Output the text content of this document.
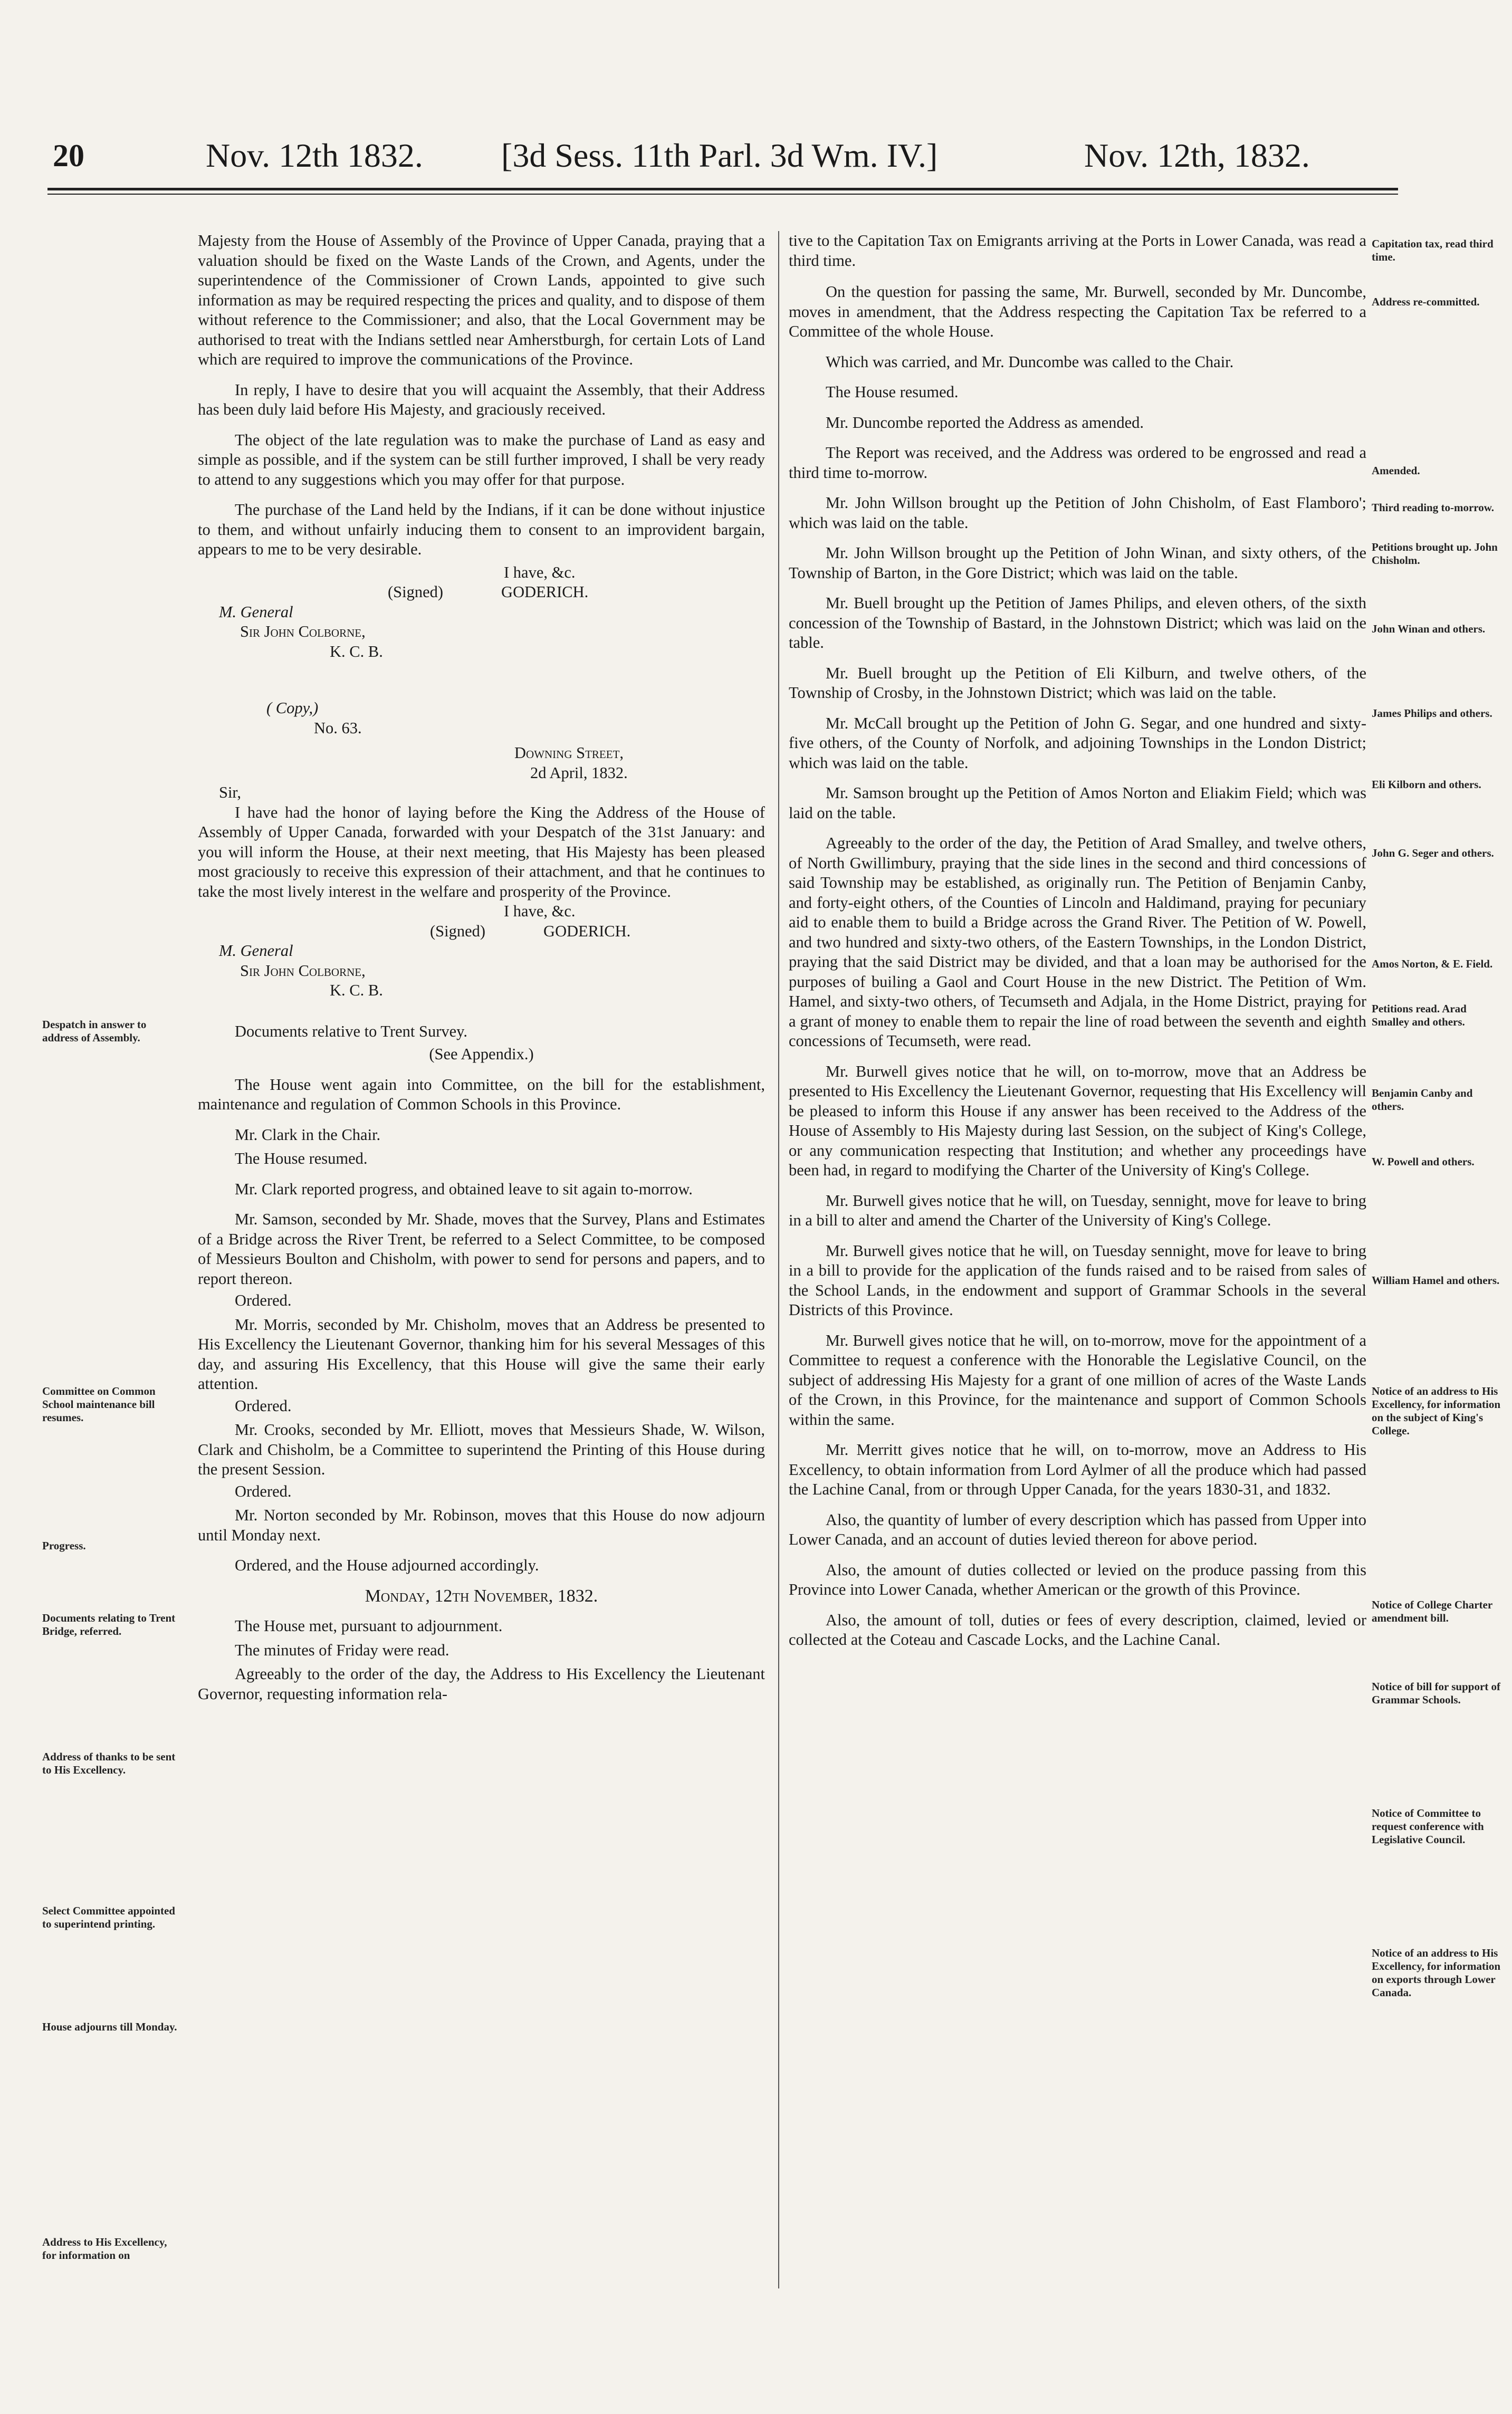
20	Nov. 12th 1832. [3d Sess. 11th Parl. 3d Wm. IV.]	Nov. 12th, 1832.

Majesty from the House of Assembly of the Province of Upper Canada, praying that a valuation should be fixed on the Waste Lands of the Crown, and Agents, under the superintendence of the Commissioner of Crown Lands, appointed to give such information as may be required respecting the prices and quality, and to dispose of them without reference to the Commissioner; and also, that the Local Government may be authorised to treat with the Indians settled near Amherstburgh, for certain Lots of Land which are required to improve the communications of the Province.

In reply, I have to desire that you will acquaint the Assembly, that their Address has been duly laid before His Majesty, and graciously received.

The object of the late regulation was to make the purchase of Land as easy and simple as possible, and if the system can be still further improved, I shall be very ready to attend to any suggestions which you may offer for that purpose.

The purchase of the Land held by the Indians, if it can be done without injustice to them, and without unfairly inducing them to consent to an improvident bargain, appears to me to be very desirable.

I have, &c.

(Signed)	GODERICH.

M. General

Sir John Colborne,

K. C. B.

( Copy,)

No. 63.

Downing Street,

2d April, 1832.

Sir,

I have had the honor of laying before the King the Address of the House of Assembly of Upper Canada, forwarded with your Despatch of the 31st January: and you will inform the House, at their next meeting, that His Majesty has been pleased most graciously to receive this expression of their attachment, and that he continues to take the most lively interest in the welfare and prosperity of the Province.

I have, &c.

(Signed)	GODERICH.

M. General

Sir John Colborne,

K. C. B.

Documents relative to Trent Survey.

(See Appendix.)

The House went again into Committee, on the bill for the establishment, maintenance and regulation of Common Schools in this Province.

Mr. Clark in the Chair.

The House resumed.

Mr. Clark reported progress, and obtained leave to sit again to-morrow.

Mr. Samson, seconded by Mr. Shade, moves that the Survey, Plans and Estimates of a Bridge across the River Trent, be referred to a Select Committee, to be composed of Messieurs Boulton and Chisholm, with power to send for persons and papers, and to report thereon.

Ordered.

Mr. Morris, seconded by Mr. Chisholm, moves that an Address be presented to His Excellency the Lieutenant Governor, thanking him for his several Messages of this day, and assuring His Excellency, that this House will give the same their early attention.

Ordered.

Mr. Crooks, seconded by Mr. Elliott, moves that Messieurs Shade, W. Wilson, Clark and Chisholm, be a Committee to superintend the Printing of this House during the present Session.

Ordered.

Mr. Norton seconded by Mr. Robinson, moves that this House do now adjourn until Monday next.

Ordered, and the House adjourned accordingly.

Monday, 12th November, 1832.

The House met, pursuant to adjournment.

The minutes of Friday were read.

Agreeably to the order of the day, the Address to His Excellency the Lieutenant Governor, requesting information rela-

tive to the Capitation Tax on Emigrants arriving at the Ports in Lower Canada, was read a third time.

On the question for passing the same, Mr. Burwell, seconded by Mr. Duncombe, moves in amendment, that the Address respecting the Capitation Tax be referred to a Committee of the whole House.

Which was carried, and Mr. Duncombe was called to the Chair.

The House resumed.

Mr. Duncombe reported the Address as amended.

The Report was received, and the Address was ordered to be engrossed and read a third time to-morrow.

Mr. John Willson brought up the Petition of John Chisholm, of East Flamboro'; which was laid on the table.

Mr. John Willson brought up the Petition of John Winan, and sixty others, of the Township of Barton, in the Gore District; which was laid on the table.

Mr. Buell brought up the Petition of James Philips, and eleven others, of the sixth concession of the Township of Bastard, in the Johnstown District; which was laid on the table.

Mr. Buell brought up the Petition of Eli Kilburn, and twelve others, of the Township of Crosby, in the Johnstown District; which was laid on the table.

Mr. McCall brought up the Petition of John G. Segar, and one hundred and sixty-five others, of the County of Norfolk, and adjoining Townships in the London District; which was laid on the table.

Mr. Samson brought up the Petition of Amos Norton and Eliakim Field; which was laid on the table.

Agreeably to the order of the day, the Petition of Arad Smalley, and twelve others, of North Gwillimbury, praying that the side lines in the second and third concessions of said Township may be established, as originally run. The Petition of Benjamin Canby, and forty-eight others, of the Counties of Lincoln and Haldimand, praying for pecuniary aid to enable them to build a Bridge across the Grand River. The Petition of W. Powell, and two hundred and sixty-two others, of the Eastern Townships, in the London District, praying that the said District may be divided, and that a loan may be authorised for the purposes of builing a Gaol and Court House in the new District. The Petition of Wm. Hamel, and sixty-two others, of Tecumseth and Adjala, in the Home District, praying for a grant of money to enable them to repair the line of road between the seventh and eighth concessions of Tecumseth, were read.

Mr. Burwell gives notice that he will, on to-morrow, move that an Address be presented to His Excellency the Lieutenant Governor, requesting that His Excellency will be pleased to inform this House if any answer has been received to the Address of the House of Assembly to His Majesty during last Session, on the subject of King's College, or any communication respecting that Institution; and whether any proceedings have been had, in regard to modifying the Charter of the University of King's College.

Mr. Burwell gives notice that he will, on Tuesday, sennight, move for leave to bring in a bill to alter and amend the Charter of the University of King's College.

Mr. Burwell gives notice that he will, on Tuesday sennight, move for leave to bring in a bill to provide for the application of the funds raised and to be raised from sales of the School Lands, in the endowment and support of Grammar Schools in the several Districts of this Province.

Mr. Burwell gives notice that he will, on to-morrow, move for the appointment of a Committee to request a conference with the Honorable the Legislative Council, on the subject of addressing His Majesty for a grant of one million of acres of the Waste Lands of the Crown, in this Province, for the maintenance and support of Common Schools within the same.

Mr. Merritt gives notice that he will, on to-morrow, move an Address to His Excellency, to obtain information from Lord Aylmer of all the produce which had passed the Lachine Canal, from or through Upper Canada, for the years 1830-31, and 1832.

Also, the quantity of lumber of every description which has passed from Upper into Lower Canada, and an account of duties levied thereon for above period.

Also, the amount of duties collected or levied on the produce passing from this Province into Lower Canada, whether American or the growth of this Province.

Also, the amount of toll, duties or fees of every description, claimed, levied or collected at the Coteau and Cascade Locks, and the Lachine Canal.

Despatch in answer to address of Assembly.
Committee on Common School maintenance bill resumes.
Progress.
Documents relating to Trent Bridge, referred.
Address of thanks to be sent to His Excellency.
Select Committee appointed to superintend printing.
House adjourns till Monday.
Address to His Excellency, for information on
Capitation tax, read third time.
Address re-committed.
Amended.
Third reading to-morrow.
Petitions brought up. John Chisholm.
John Winan and others.
James Philips and others.
Eli Kilborn and others.
John G. Seger and others.
Amos Norton, & E. Field.
Petitions read. Arad Smalley and others.
Benjamin Canby and others.
W. Powell and others.
William Hamel and others.
Notice of an address to His Excellency, for information on the subject of King's College.
Notice of College Charter amendment bill.
Notice of bill for support of Grammar Schools.
Notice of Committee to request conference with Legislative Council.
Notice of an address to His Excellency, for information on exports through Lower Canada.
